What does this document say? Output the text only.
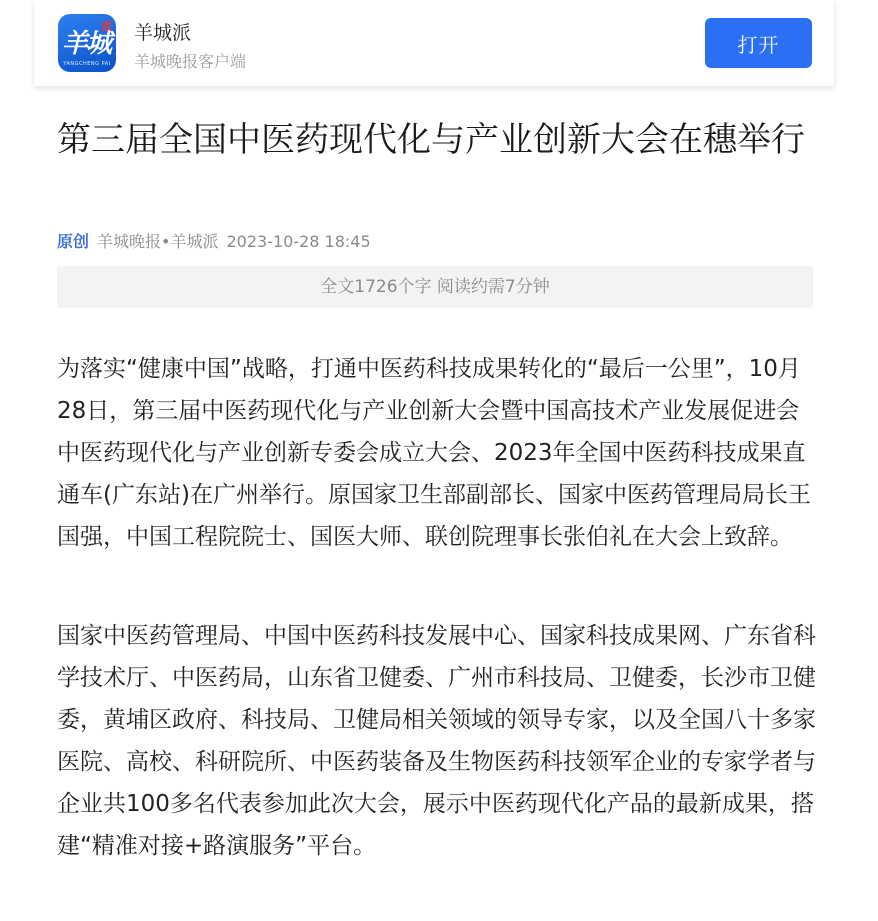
羊城
派
YANGCHENG PAI
羊城派
羊城晚报客户端
打开
第三届全国中医药现代化与产业创新大会在穗举行
原创 羊城晚报•羊城派 2023-10-28 18:45
全文1726个字 阅读约需7分钟

为落实“健康中国”战略，打通中医药科技成果转化的“最后一公里”，10月28日，第三届中医药现代化与产业创新大会暨中国高技术产业发展促进会中医药现代化与产业创新专委会成立大会、2023年全国中医药科技成果直通车(广东站)在广州举行。原国家卫生部副部长、国家中医药管理局局长王国强，中国工程院院士、国医大师、联创院理事长张伯礼在大会上致辞。

国家中医药管理局、中国中医药科技发展中心、国家科技成果网、广东省科学技术厅、中医药局，山东省卫健委、广州市科技局、卫健委，长沙市卫健委，黄埔区政府、科技局、卫健局相关领域的领导专家，以及全国八十多家医院、高校、科研院所、中医药装备及生物医药科技领军企业的专家学者与企业共100多名代表参加此次大会，展示中医药现代化产品的最新成果，搭建“精准对接+路演服务”平台。
